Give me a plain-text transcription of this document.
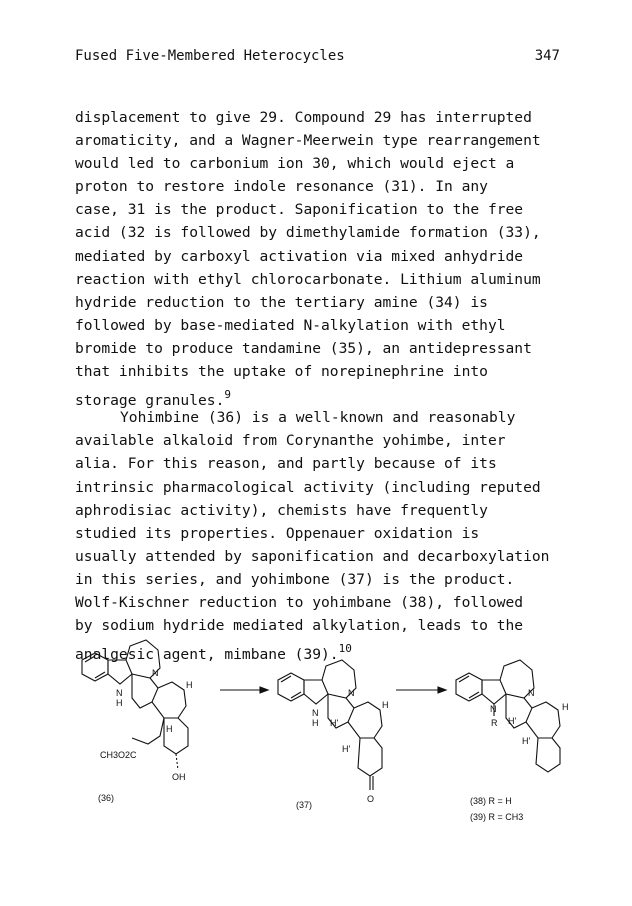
Fused Five-Membered Heterocycles	347
displacement to give 29. Compound 29 has interrupted
aromaticity, and a Wagner-Meerwein type rearrangement
would led to carbonium ion 30, which would eject a
proton to restore indole resonance (31). In any
case, 31 is the product. Saponification to the free
acid (32 is followed by dimethylamide formation (33),
mediated by carboxyl activation via mixed anhydride
reaction with ethyl chlorocarbonate. Lithium aluminum
hydride reduction to the tertiary amine (34) is
followed by base-mediated N-alkylation with ethyl
bromide to produce tandamine (35), an antidepressant
that inhibits the uptake of norepinephrine into
storage granules.$^9$
Yohimbine (36) is a well-known and reasonably
available alkaloid from Corynanthe yohimbe, inter
alia. For this reason, and partly because of its
intrinsic pharmacological activity (including reputed
aphrodisiac activity), chemists have frequently
studied its properties. Oppenauer oxidation is
usually attended by saponification and decarboxylation
in this series, and yohimbone (37) is the product.
Wolf-Kischner reduction to yohimbane (38), followed
by sodium hydride mediated alkylation, leads to the
analgesic agent, mimbane (39).$^{10}$
N
H
N
H
H
CH3O2C
OH
(36)
N
H H'
N
H
H'
O
(37)
N
H'
R
N
H
H'
(38) R = H
(39) R = CH3
